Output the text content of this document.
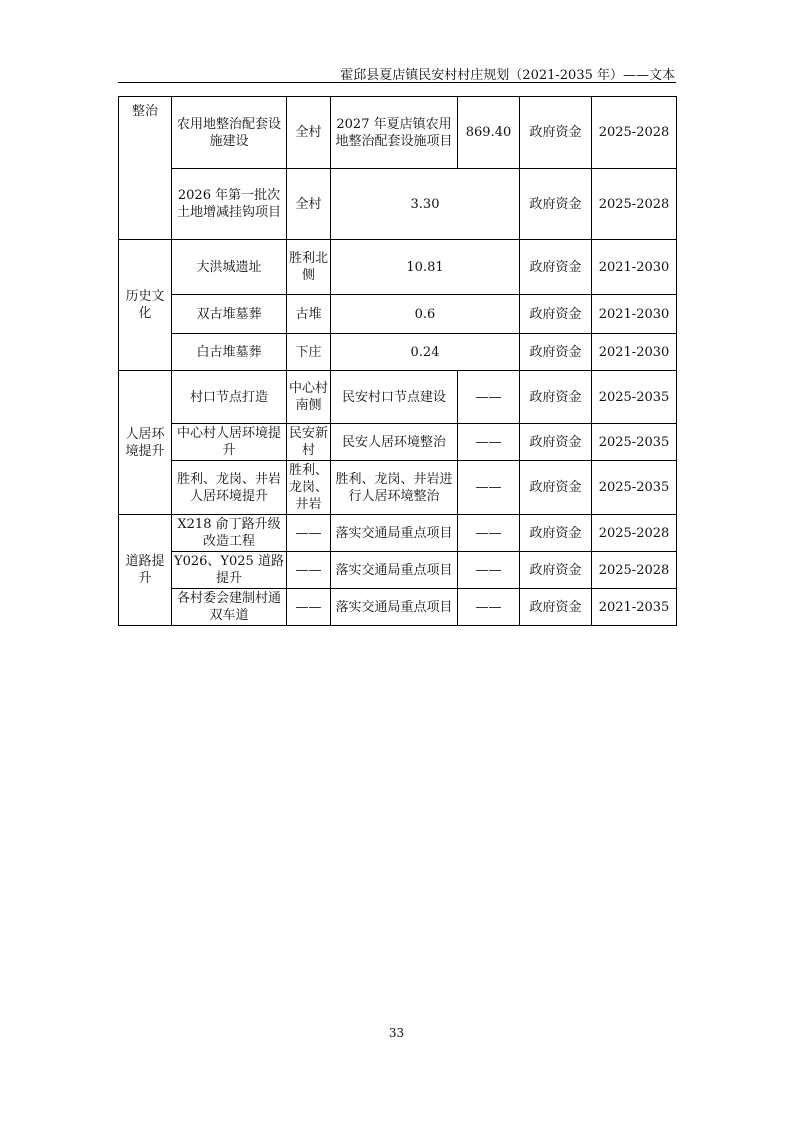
霍邱县夏店镇民安村村庄规划（2021-2035 年）——文本
整治	农用地整治配套设施建设	全村	2027 年夏店镇农用地整治配套设施项目	869.40	政府资金	2025-2028
	2026 年第一批次土地增减挂钩项目	全村	3.30		政府资金	2025-2028
历史文化	大洪城遗址	胜利北侧	10.81		政府资金	2021-2030
	双古堆墓葬	古堆	0.6		政府资金	2021-2030
	白古堆墓葬	下庄	0.24		政府资金	2021-2030
人居环境提升	村口节点打造	中心村南侧	民安村口节点建设	——	政府资金	2025-2035
	中心村人居环境提升	民安新村	民安人居环境整治	——	政府资金	2025-2035
	胜利、龙岗、井岩人居环境提升	胜利、龙岗、井岩	胜利、龙岗、井岩进行人居环境整治	——	政府资金	2025-2035
道路提升	X218 俞丁路升级改造工程	——	落实交通局重点项目	——	政府资金	2025-2028
	Y026、Y025 道路提升	——	落实交通局重点项目	——	政府资金	2025-2028
	各村委会建制村通双车道	——	落实交通局重点项目	——	政府资金	2021-2035
33
